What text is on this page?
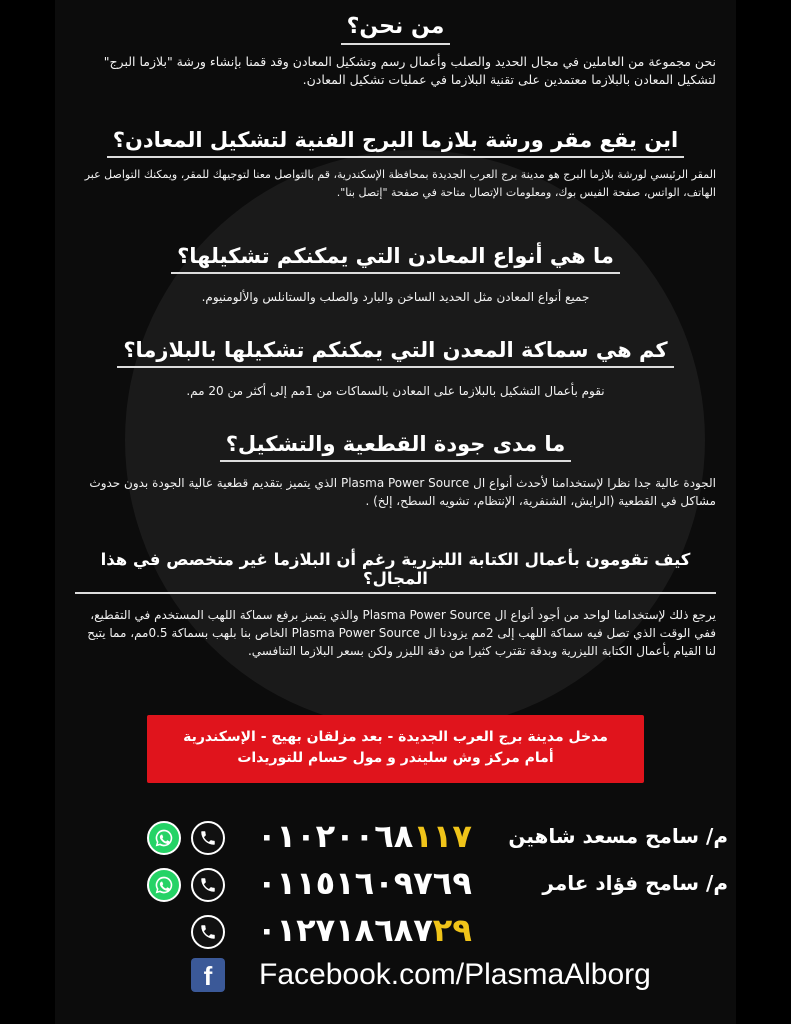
من نحن؟

نحن مجموعة من العاملين في مجال الحديد والصلب وأعمال رسم وتشكيل المعادن وقد قمنا بإنشاء ورشة "بلازما البرج" لتشكيل المعادن بالبلازما معتمدين على تقنية البلازما في عمليات تشكيل المعادن.

اين يقع مقر ورشة بلازما البرج الفنية لتشكيل المعادن؟

المقر الرئيسي لورشة بلازما البرج هو مدينة برج العرب الجديدة بمحافظة الإسكندرية، قم بالتواصل معنا لتوجيهك للمقر، ويمكنك التواصل عبر الهاتف، الواتس، صفحة الفيس بوك، ومعلومات الإتصال متاحة في صفحة "إتصل بنا".

ما هي أنواع المعادن التي يمكنكم تشكيلها؟

جميع أنواع المعادن مثل الحديد الساخن والبارد والصلب والستانلس والألومنيوم.

كم هي سماكة المعدن التي يمكنكم تشكيلها بالبلازما؟

نقوم بأعمال التشكيل بالبلازما على المعادن بالسماكات من 1مم إلى أكثر من 20 مم.

ما مدى جودة القطعية والتشكيل؟

الجودة عالية جدا نظرا لإستخدامنا لأحدث أنواع ال Plasma Power Source الذي يتميز بتقديم قطعية عالية الجودة بدون حدوث مشاكل في القطعية (الرايش، الشنفرية، الإنتظام، تشويه السطح، إلخ) .

كيف تقومون بأعمال الكتابة الليزرية رغم أن البلازما غير متخصص في هذا المجال؟

يرجع ذلك لإستخدامنا لواحد من أجود أنواع ال Plasma Power Source والذي يتميز برفع سماكة اللهب المستخدم في التقطيع، ففي الوقت الذي تصل فيه سماكة اللهب إلى 2مم يزودنا ال Plasma Power Source الخاص بنا بلهب بسماكة 0.5مم، مما يتيح لنا القيام بأعمال الكتابة الليزرية وبدقة تقترب كثيرا من دقة الليزر ولكن بسعر البلازما التنافسي.

مدخل مدينة برج العرب الجديدة - بعد مزلقان بهيج - الإسكندرية
أمام مركز وش سليندر و مول حسام للتوريدات
٠١٠٢٠٠٦٨١١٧ م/ سامح مسعد شاهين
٠١١٥١٦٠٩٧٦٩	م/ سامح فؤاد عامر
٠١٢٧١٨٦٨٧٢٩
f	Facebook.com/PlasmaAlborg
